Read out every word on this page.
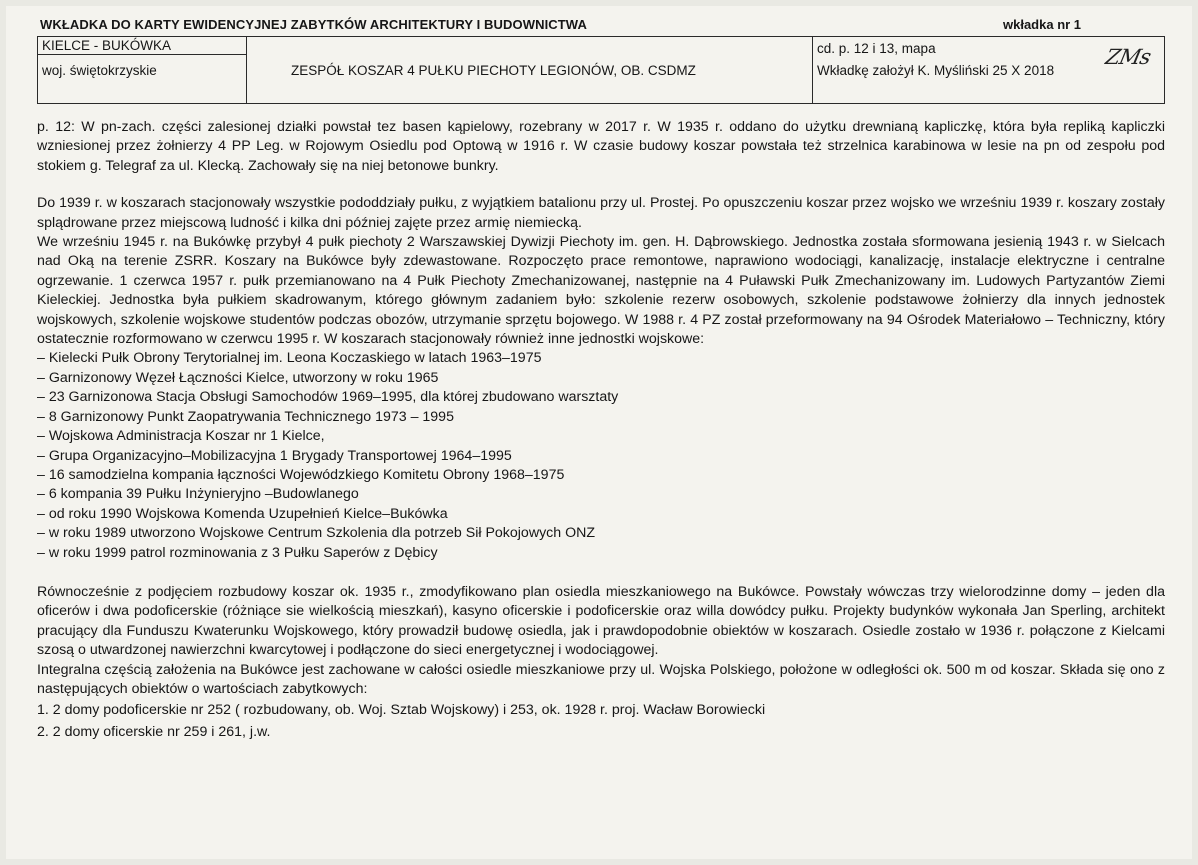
WKŁADKA DO KARTY EWIDENCYJNEJ ZABYTKÓW ARCHITEKTURY I BUDOWNICTWA	wkładka nr 1
KIELCE - BUKÓWKA
woj. świętokrzyskie	ZESPÓŁ KOSZAR 4 PUŁKU PIECHOTY LEGIONÓW, OB. CSDMZ
cd. p. 12 i 13, mapa
Wkładkę założył K. Myśliński 25 X 2018
ZMs

p. 12: W pn-zach. części zalesionej działki powstał tez basen kąpielowy, rozebrany w 2017 r. W 1935 r. oddano do użytku drewnianą kapliczkę, która była repliką kapliczki wzniesionej przez żołnierzy 4 PP Leg. w Rojowym Osiedlu pod Optową w 1916 r. W czasie budowy koszar powstała też strzelnica karabinowa w lesie na pn od zespołu pod stokiem g. Telegraf za ul. Klecką. Zachowały się na niej betonowe bunkry.

Do 1939 r. w koszarach stacjonowały wszystkie pododdziały pułku, z wyjątkiem batalionu przy ul. Prostej. Po opuszczeniu koszar przez wojsko we wrześniu 1939 r. koszary zostały splądrowane przez miejscową ludność i kilka dni później zajęte przez armię niemiecką.

We wrześniu 1945 r. na Bukówkę przybył 4 pułk piechoty 2 Warszawskiej Dywizji Piechoty im. gen. H. Dąbrowskiego. Jednostka została sformowana jesienią 1943 r. w Sielcach nad Oką na terenie ZSRR. Koszary na Bukówce były zdewastowane. Rozpoczęto prace remontowe, naprawiono wodociągi, kanalizację, instalacje elektryczne i centralne ogrzewanie. 1 czerwca 1957 r. pułk przemianowano na 4 Pułk Piechoty Zmechanizowanej, następnie na 4 Puławski Pułk Zmechanizowany im. Ludowych Partyzantów Ziemi Kieleckiej. Jednostka była pułkiem skadrowanym, którego głównym zadaniem było: szkolenie rezerw osobowych, szkolenie podstawowe żołnierzy dla innych jednostek wojskowych, szkolenie wojskowe studentów podczas obozów, utrzymanie sprzętu bojowego. W 1988 r. 4 PZ został przeformowany na 94 Ośrodek Materiałowo – Techniczny, który ostatecznie rozformowano w czerwcu 1995 r. W koszarach stacjonowały również inne jednostki wojskowe:

– Kielecki Pułk Obrony Terytorialnej im. Leona Koczaskiego w latach 1963–1975
– Garnizonowy Węzeł Łączności Kielce, utworzony w roku 1965
– 23 Garnizonowa Stacja Obsługi Samochodów 1969–1995, dla której zbudowano warsztaty
– 8 Garnizonowy Punkt Zaopatrywania Technicznego 1973 – 1995
– Wojskowa Administracja Koszar nr 1 Kielce,
– Grupa Organizacyjno–Mobilizacyjna 1 Brygady Transportowej 1964–1995
– 16 samodzielna kompania łączności Wojewódzkiego Komitetu Obrony 1968–1975
– 6 kompania 39 Pułku Inżynieryjno –Budowlanego
– od roku 1990 Wojskowa Komenda Uzupełnień Kielce–Bukówka
– w roku 1989 utworzono Wojskowe Centrum Szkolenia dla potrzeb Sił Pokojowych ONZ
– w roku 1999 patrol rozminowania z 3 Pułku Saperów z Dębicy

Równocześnie z podjęciem rozbudowy koszar ok. 1935 r., zmodyfikowano plan osiedla mieszkaniowego na Bukówce. Powstały wówczas trzy wielorodzinne domy – jeden dla oficerów i dwa podoficerskie (różniące sie wielkością mieszkań), kasyno oficerskie i podoficerskie oraz willa dowódcy pułku. Projekty budynków wykonała Jan Sperling, architekt pracujący dla Funduszu Kwaterunku Wojskowego, który prowadził budowę osiedla, jak i prawdopodobnie obiektów w koszarach. Osiedle zostało w 1936 r. połączone z Kielcami szosą o utwardzonej nawierzchni kwarcytowej i podłączone do sieci energetycznej i wodociągowej.

Integralna częścią założenia na Bukówce jest zachowane w całości osiedle mieszkaniowe przy ul. Wojska Polskiego, położone w odległości ok. 500 m od koszar. Składa się ono z następujących obiektów o wartościach zabytkowych:

1. 2 domy podoficerskie nr 252 ( rozbudowany, ob. Woj. Sztab Wojskowy) i 253, ok. 1928 r. proj. Wacław Borowiecki
2. 2 domy oficerskie nr 259 i 261, j.w.
